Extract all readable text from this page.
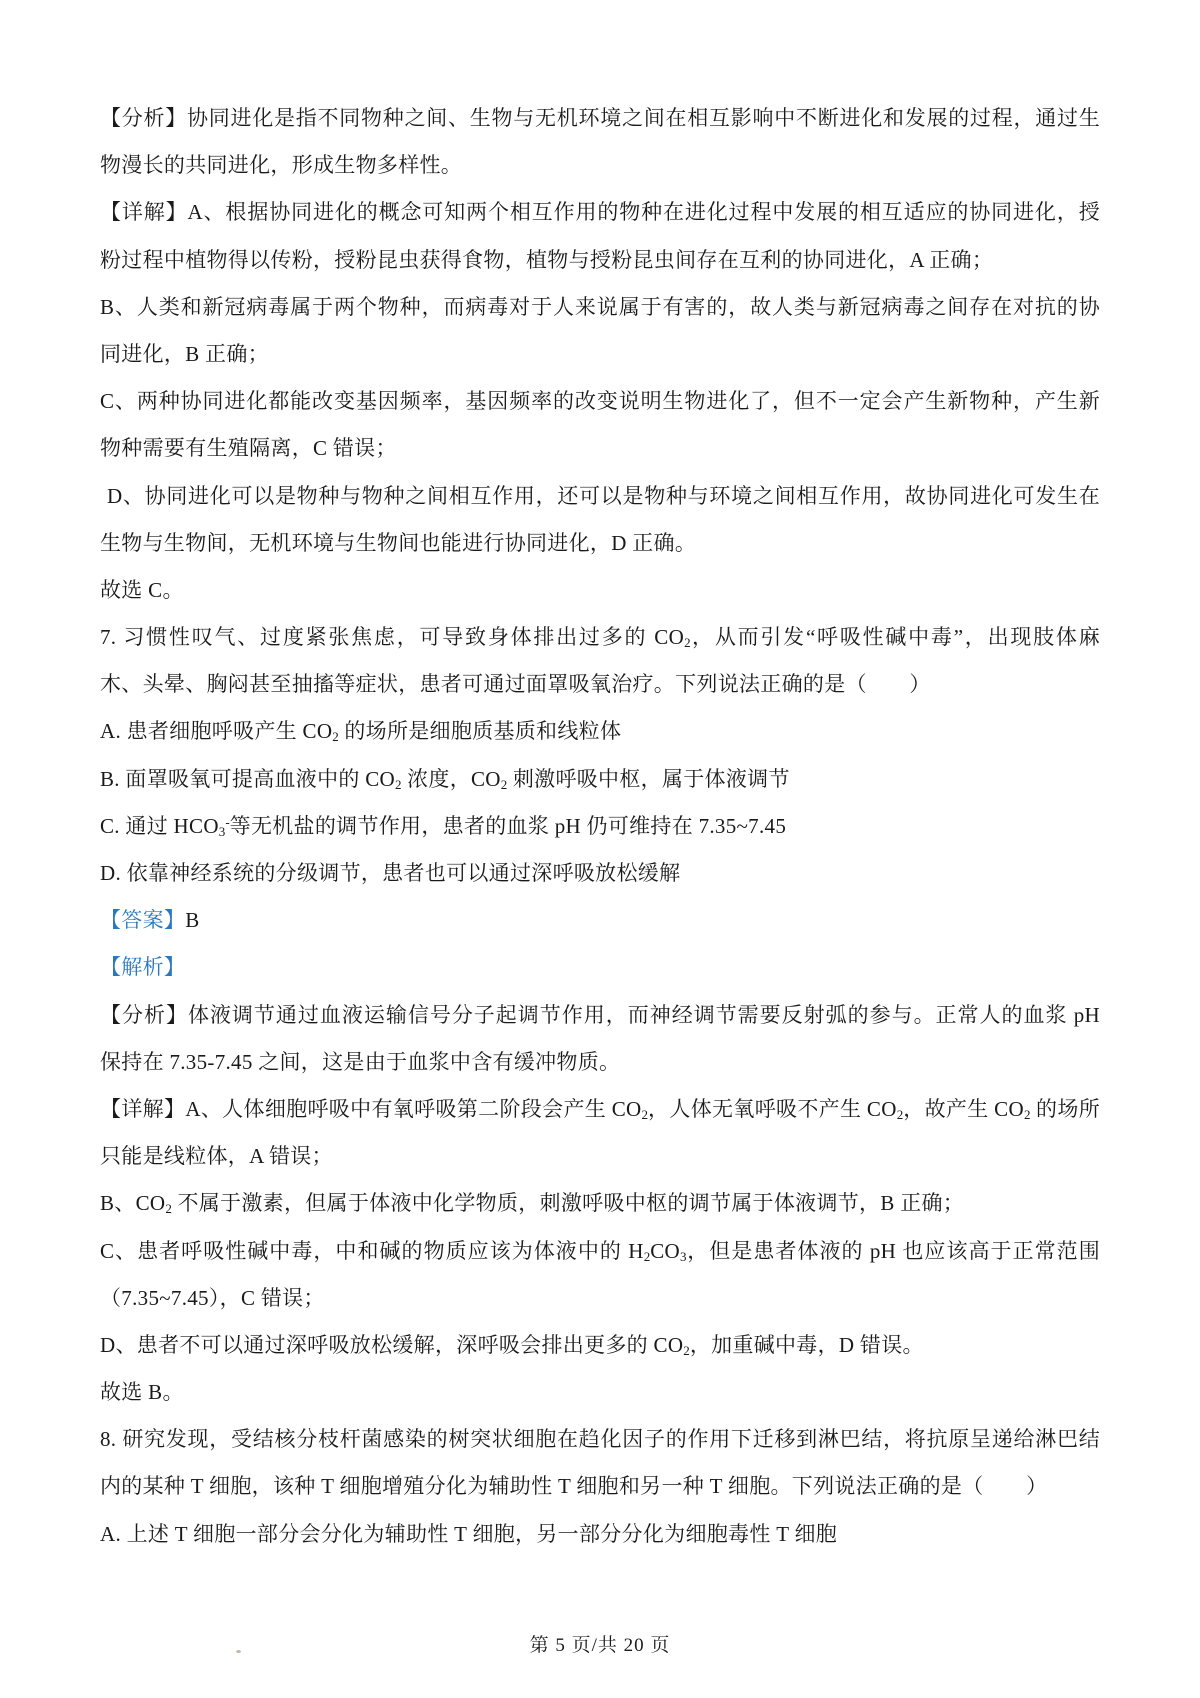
【分析】协同进化是指不同物种之间、生物与无机环境之间在相互影响中不断进化和发展的过程，通过生
物漫长的共同进化，形成生物多样性。
【详解】A、根据协同进化的概念可知两个相互作用的物种在进化过程中发展的相互适应的协同进化，授
粉过程中植物得以传粉，授粉昆虫获得食物，植物与授粉昆虫间存在互利的协同进化，A 正确；
B、人类和新冠病毒属于两个物种，而病毒对于人来说属于有害的，故人类与新冠病毒之间存在对抗的协
同进化，B 正确；
C、两种协同进化都能改变基因频率，基因频率的改变说明生物进化了，但不一定会产生新物种，产生新
物种需要有生殖隔离，C 错误；
D、协同进化可以是物种与物种之间相互作用，还可以是物种与环境之间相互作用，故协同进化可发生在
生物与生物间，无机环境与生物间也能进行协同进化，D 正确。
故选 C。
7. 习惯性叹气、过度紧张焦虑，可导致身体排出过多的 $CO_2$，从而引发“呼吸性碱中毒”，出现肢体麻
木、头晕、胸闷甚至抽搐等症状，患者可通过面罩吸氧治疗。下列说法正确的是（　　）
A. 患者细胞呼吸产生 $CO_2$ 的场所是细胞质基质和线粒体
B. 面罩吸氧可提高血液中的 $CO_2$ 浓度，$CO_2$ 刺激呼吸中枢，属于体液调节
C. 通过 $HCO_3^-$等无机盐的调节作用，患者的血浆 pH 仍可维持在 7.35~7.45
D. 依靠神经系统的分级调节，患者也可以通过深呼吸放松缓解
【答案】B
【解析】
【分析】体液调节通过血液运输信号分子起调节作用，而神经调节需要反射弧的参与。正常人的血浆 pH
保持在 7.35-7.45 之间，这是由于血浆中含有缓冲物质。
【详解】A、人体细胞呼吸中有氧呼吸第二阶段会产生 $CO_2$，人体无氧呼吸不产生 $CO_2$，故产生 $CO_2$ 的场所
只能是线粒体，A 错误；
B、$CO_2$ 不属于激素，但属于体液中化学物质，刺激呼吸中枢的调节属于体液调节，B 正确；
C、患者呼吸性碱中毒，中和碱的物质应该为体液中的 $H_2CO_3$，但是患者体液的 pH 也应该高于正常范围
（7.35~7.45），C 错误；
D、患者不可以通过深呼吸放松缓解，深呼吸会排出更多的 $CO_2$，加重碱中毒，D 错误。
故选 B。
8. 研究发现，受结核分枝杆菌感染的树突状细胞在趋化因子的作用下迁移到淋巴结，将抗原呈递给淋巴结
内的某种 T 细胞，该种 T 细胞增殖分化为辅助性 T 细胞和另一种 T 细胞。下列说法正确的是（　　）
A. 上述 T 细胞一部分会分化为辅助性 T 细胞，另一部分分化为细胞毒性 T 细胞
第 5 页/共 20 页
